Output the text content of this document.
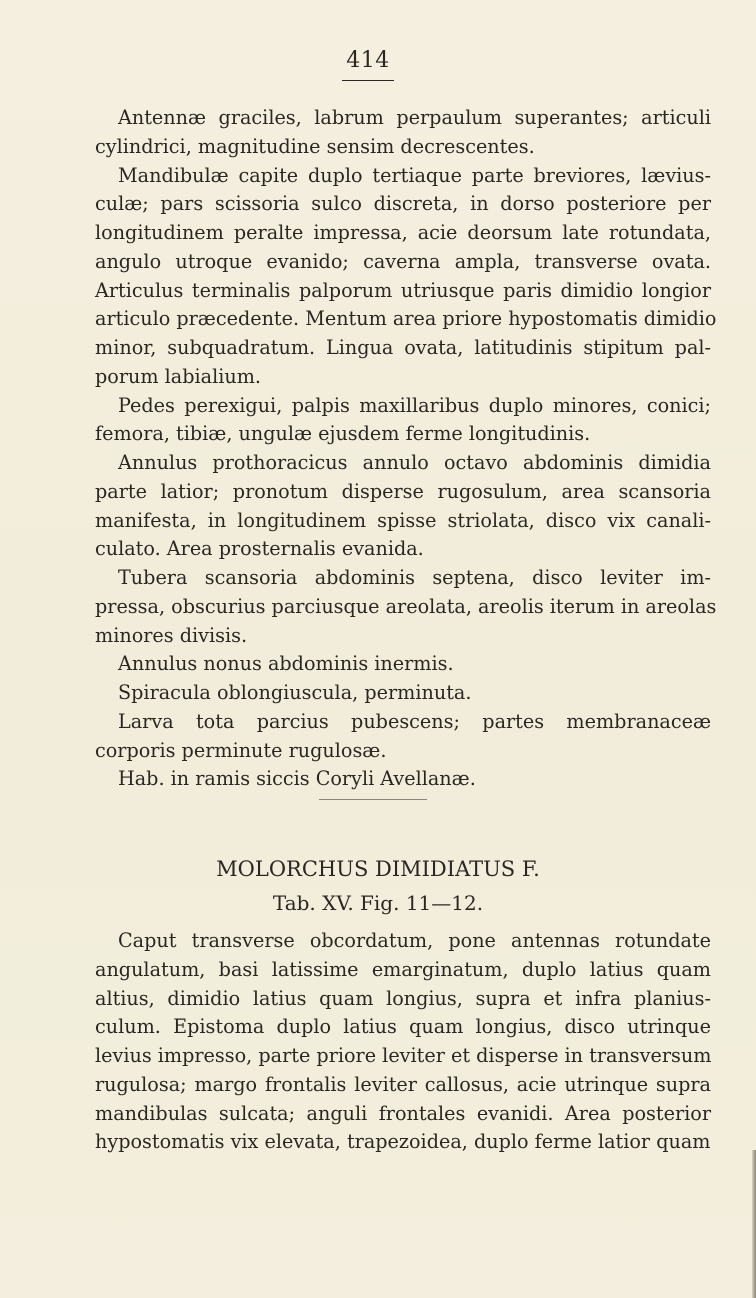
414
Antennæ graciles, labrum perpaulum superantes; articuli
cylindrici, magnitudine sensim decrescentes.
Mandibulæ capite duplo tertiaque parte breviores, lævius-
culæ; pars scissoria sulco discreta, in dorso posteriore per
longitudinem peralte impressa, acie deorsum late rotundata,
angulo utroque evanido; caverna ampla, transverse ovata.
Articulus terminalis palporum utriusque paris dimidio longior
articulo præcedente. Mentum area priore hypostomatis dimidio
minor, subquadratum. Lingua ovata, latitudinis stipitum pal-
porum labialium.
Pedes perexigui, palpis maxillaribus duplo minores, conici;
femora, tibiæ, ungulæ ejusdem ferme longitudinis.
Annulus prothoracicus annulo octavo abdominis dimidia
parte latior; pronotum disperse rugosulum, area scansoria
manifesta, in longitudinem spisse striolata, disco vix canali-
culato. Area prosternalis evanida.
Tubera scansoria abdominis septena, disco leviter im-
pressa, obscurius parciusque areolata, areolis iterum in areolas
minores divisis.
Annulus nonus abdominis inermis.
Spiracula oblongiuscula, perminuta.
Larva tota parcius pubescens; partes membranaceæ
corporis perminute rugulosæ.
Hab. in ramis siccis Coryli Avellanæ.
MOLORCHUS DIMIDIATUS F.
Tab. XV. Fig. 11—12.
Caput transverse obcordatum, pone antennas rotundate
angulatum, basi latissime emarginatum, duplo latius quam
altius, dimidio latius quam longius, supra et infra planius-
culum. Epistoma duplo latius quam longius, disco utrinque
levius impresso, parte priore leviter et disperse in transversum
rugulosa; margo frontalis leviter callosus, acie utrinque supra
mandibulas sulcata; anguli frontales evanidi. Area posterior
hypostomatis vix elevata, trapezoidea, duplo ferme latior quam
